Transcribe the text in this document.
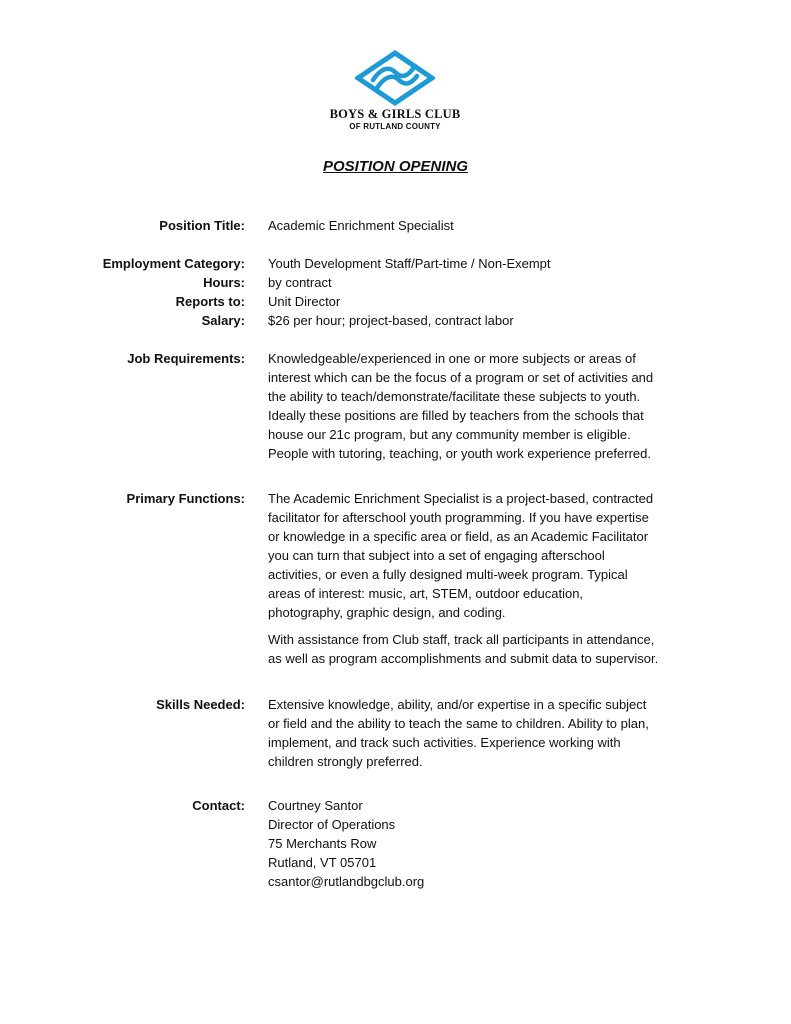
BOYS & GIRLS CLUB
OF RUTLAND COUNTY
POSITION OPENING
Position Title: Academic Enrichment Specialist
Employment Category: Youth Development Staff/Part-time / Non-Exempt
Hours: by contract
Reports to: Unit Director
Salary: $26 per hour; project-based, contract labor
Job Requirements: Knowledgeable/experienced in one or more subjects or areas of
interest which can be the focus of a program or set of activities and
the ability to teach/demonstrate/facilitate these subjects to youth.
Ideally these positions are filled by teachers from the schools that
house our 21c program, but any community member is eligible.
People with tutoring, teaching, or youth work experience preferred.
Primary Functions: The Academic Enrichment Specialist is a project-based, contracted
facilitator for afterschool youth programming. If you have expertise
or knowledge in a specific area or field, as an Academic Facilitator
you can turn that subject into a set of engaging afterschool
activities, or even a fully designed multi-week program. Typical
areas of interest: music, art, STEM, outdoor education,
photography, graphic design, and coding.

With assistance from Club staff, track all participants in attendance,
as well as program accomplishments and submit data to supervisor.

Skills Needed: Extensive knowledge, ability, and/or expertise in a specific subject
or field and the ability to teach the same to children. Ability to plan,
implement, and track such activities. Experience working with
children strongly preferred.
Contact: Courtney Santor
Director of Operations
75 Merchants Row
Rutland, VT 05701
csantor@rutlandbgclub.org
